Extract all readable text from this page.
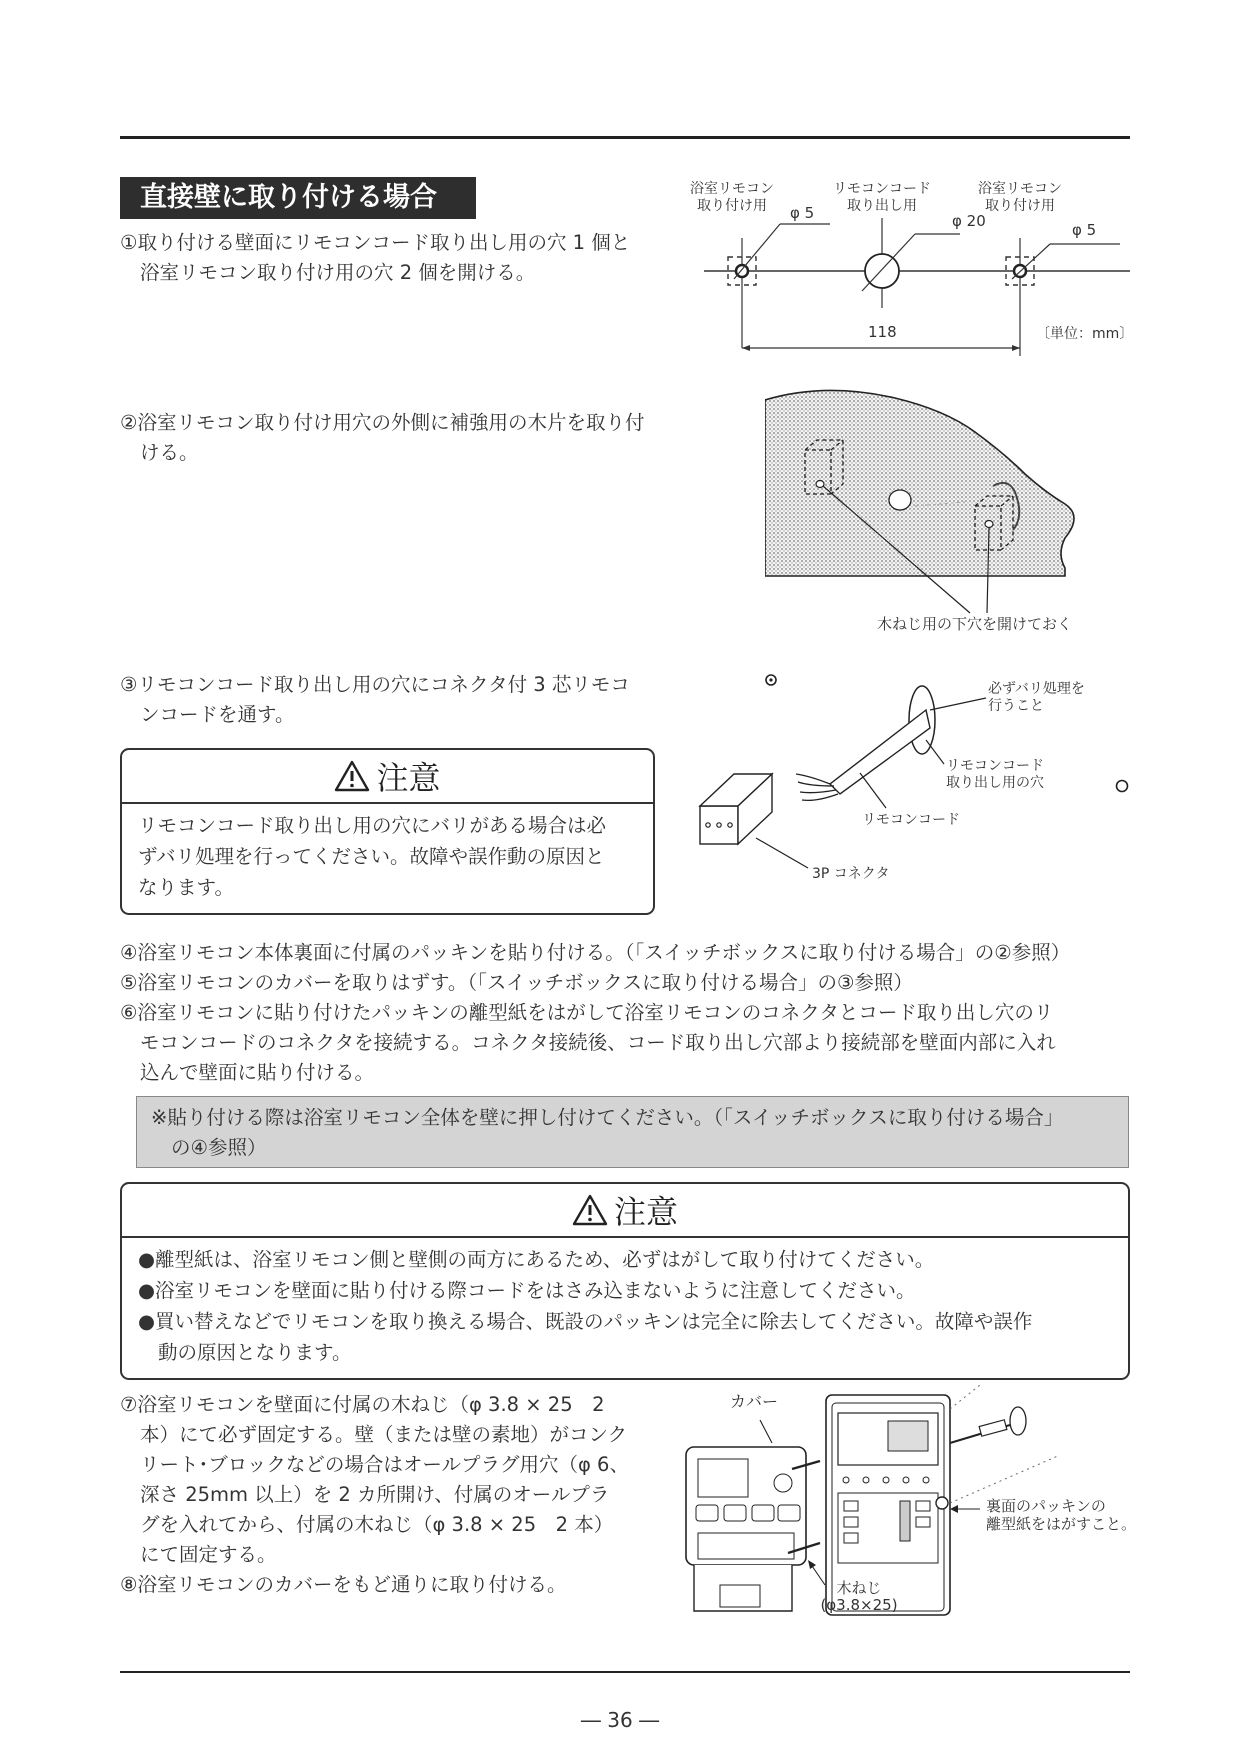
直接壁に取り付ける場合
①取り付ける壁面にリモコンコード取り出し用の穴 1 個と
浴室リモコン取り付け用の穴 2 個を開ける。
浴室リモコン
取り付け用
リモコンコード
取り出し用
浴室リモコン
取り付け用
φ 5	φ 20	φ 5
118	〔単位：mm〕
②浴室リモコン取り付け用穴の外側に補強用の木片を取り付
ける。
木ねじ用の下穴を開けておく
③リモコンコード取り出し用の穴にコネクタ付 3 芯リモコ
ンコードを通す。
注意
リモコンコード取り出し用の穴にバリがある場合は必
ずバリ処理を行ってください。故障や誤作動の原因と
なります。
必ずバリ処理を
行うこと
リモコンコード
取り出し用の穴
リモコンコード
3P コネクタ
④浴室リモコン本体裏面に付属のパッキンを貼り付ける。（「スイッチボックスに取り付ける場合」の②参照）
⑤浴室リモコンのカバーを取りはずす。（「スイッチボックスに取り付ける場合」の③参照）
⑥浴室リモコンに貼り付けたパッキンの離型紙をはがして浴室リモコンのコネクタとコード取り出し穴のリ
モコンコードのコネクタを接続する。コネクタ接続後、コード取り出し穴部より接続部を壁面内部に入れ
込んで壁面に貼り付ける。
※貼り付ける際は浴室リモコン全体を壁に押し付けてください。（「スイッチボックスに取り付ける場合」
の④参照）
注意
●離型紙は、浴室リモコン側と壁側の両方にあるため、必ずはがして取り付けてください。
●浴室リモコンを壁面に貼り付ける際コードをはさみ込まないように注意してください。
●買い替えなどでリモコンを取り換える場合、既設のパッキンは完全に除去してください。故障や誤作
動の原因となります。
⑦浴室リモコンを壁面に付属の木ねじ（φ 3.8 × 25　2
本）にて必ず固定する。壁（または壁の素地）がコンク
リート･ブロックなどの場合はオールプラグ用穴（φ 6、
深さ 25mm 以上）を 2 カ所開け、付属のオールプラ
グを入れてから、付属の木ねじ（φ 3.8 × 25　2 本）
にて固定する。
⑧浴室リモコンのカバーをもど通りに取り付ける。
カバー
裏面のパッキンの
離型紙をはがすこと。
木ねじ
(φ3.8×25)
― 36 ―
